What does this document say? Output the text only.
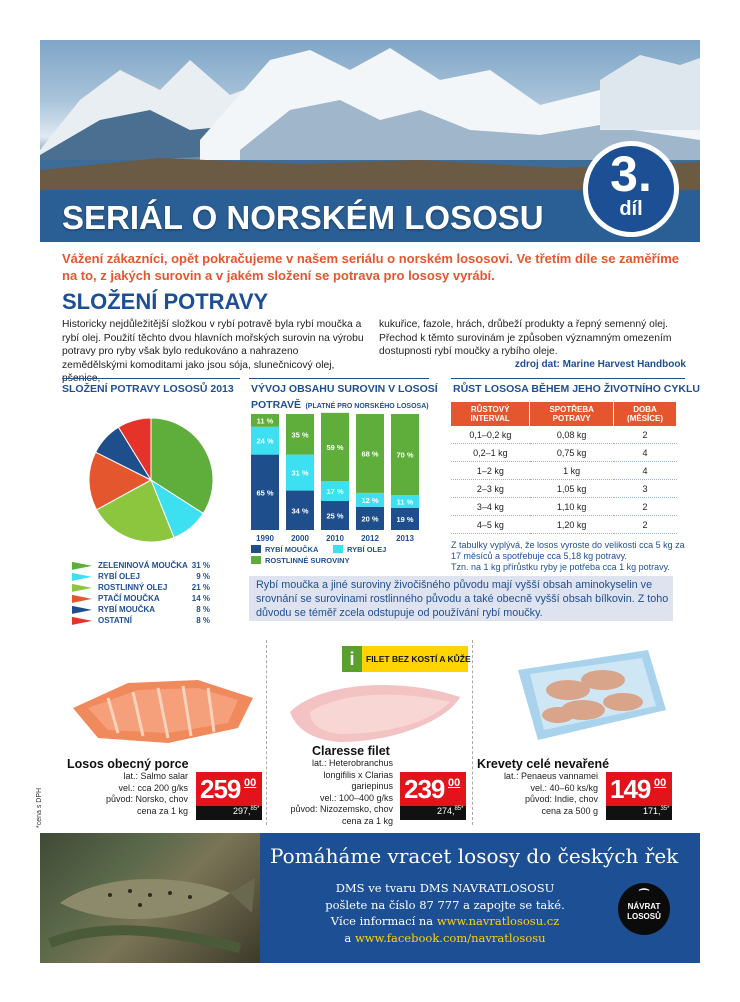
SERIÁL O NORSKÉM LOSOSU
3.
díl
Vážení zákazníci, opět pokračujeme v našem seriálu o norském lososovi. Ve třetím díle se zaměříme na to, z jakých surovin a v jakém složení se potrava pro lososy vyrábí.
SLOŽENÍ POTRAVY
Historicky nejdůležitější složkou v rybí potravě byla rybí moučka a rybí olej. Použití těchto dvou hlavních mořských surovin na výrobu potravy pro ryby však bylo redukováno a nahrazeno zemědělskými komoditami jako jsou sója, slunečnicový olej,
kukuřice, fazole, hrách, drůbeží produkty a řepný semenný olej. Přechod k těmto surovinám je způsoben významným omezením dostupnosti rybí moučky a rybího oleje.
zdroj dat: Marine Harvest Handbook
SLOŽENÍ POTRAVY LOSOSŮ 2013
ZELENINOVÁ MOUČKA 31 %
RYBÍ OLEJ	9 %
ROSTLINNÝ OLEJ	21 %
PTAČÍ MOUČKA	14 %
RYBÍ MOUČKA	8 %
OSTATNÍ	8 %
VÝVOJ OBSAHU SUROVIN V LOSOSÍ
POTRAVĚ (PLATNÉ PRO NORSKÉHO LOSOSA)
65 %
24 %
11 %
1990
34 %
31 %
35 %
2000
25 %
17 %
59 %
2010
20 %
12 %
68 %
2012
19 %
11 %
70 %
2013
RYBÍ MOUČKA	RYBÍ OLEJ
ROSTLINNÉ SUROVINY
RŮST LOSOSA BĚHEM JEHO ŽIVOTNÍHO CYKLU
RŮSTOVÝ INTERVAL	SPOTŘEBA POTRAVY	DOBA (MĚSÍCE)
0,1–0,2 kg	0,08 kg	2
0,2–1 kg	0,75 kg	4
1–2 kg	1 kg	4
2–3 kg	1,05 kg	3
3–4 kg	1,10 kg	2
4–5 kg	1,20 kg	2
Z tabulky vyplývá, že losos vyroste do velikosti cca 5 kg za 17 měsíců a spotřebuje cca 5,18 kg potravy.
Tzn. na 1 kg přírůstku ryby je potřeba cca 1 kg potravy.
Rybí moučka a jiné suroviny živočišného původu mají vyšší obsah aminokyselin ve srovnání se surovinami rostlinného původu a také obecně vyšší obsah bílkovin. Z toho důvodu se téměř zcela odstupuje od používání rybí moučky.
Losos obecný porce
lat.: Salmo salar
vel.: cca 200 g/ks
původ: Norsko, chov
cena za 1 kg
259 00
297,$^{85*}$
*cena s DPH
i	FILET BEZ KOSTÍ A KŮŽE
Claresse filet
lat.: Heterobranchus
longifilis x Clarias gariepinus
vel.: 100–400 g/ks
původ: Nizozemsko, chov
cena za 1 kg
239 00
274,$^{85*}$
Krevety celé nevařené
lat.: Penaeus vannamei
vel.: 40–60 ks/kg
původ: Indie, chov
cena za 500 g
149 00
171,$^{35*}$
Pomáháme vracet lososy do českých řek
DMS ve tvaru DMS NAVRATLOSOSU
pošlete na číslo 87 777 a zapojte se také.
Více informací na www.navratlososu.cz
a www.facebook.com/navratlososu
⁀
NÁVRAT
LOSOSŮ
